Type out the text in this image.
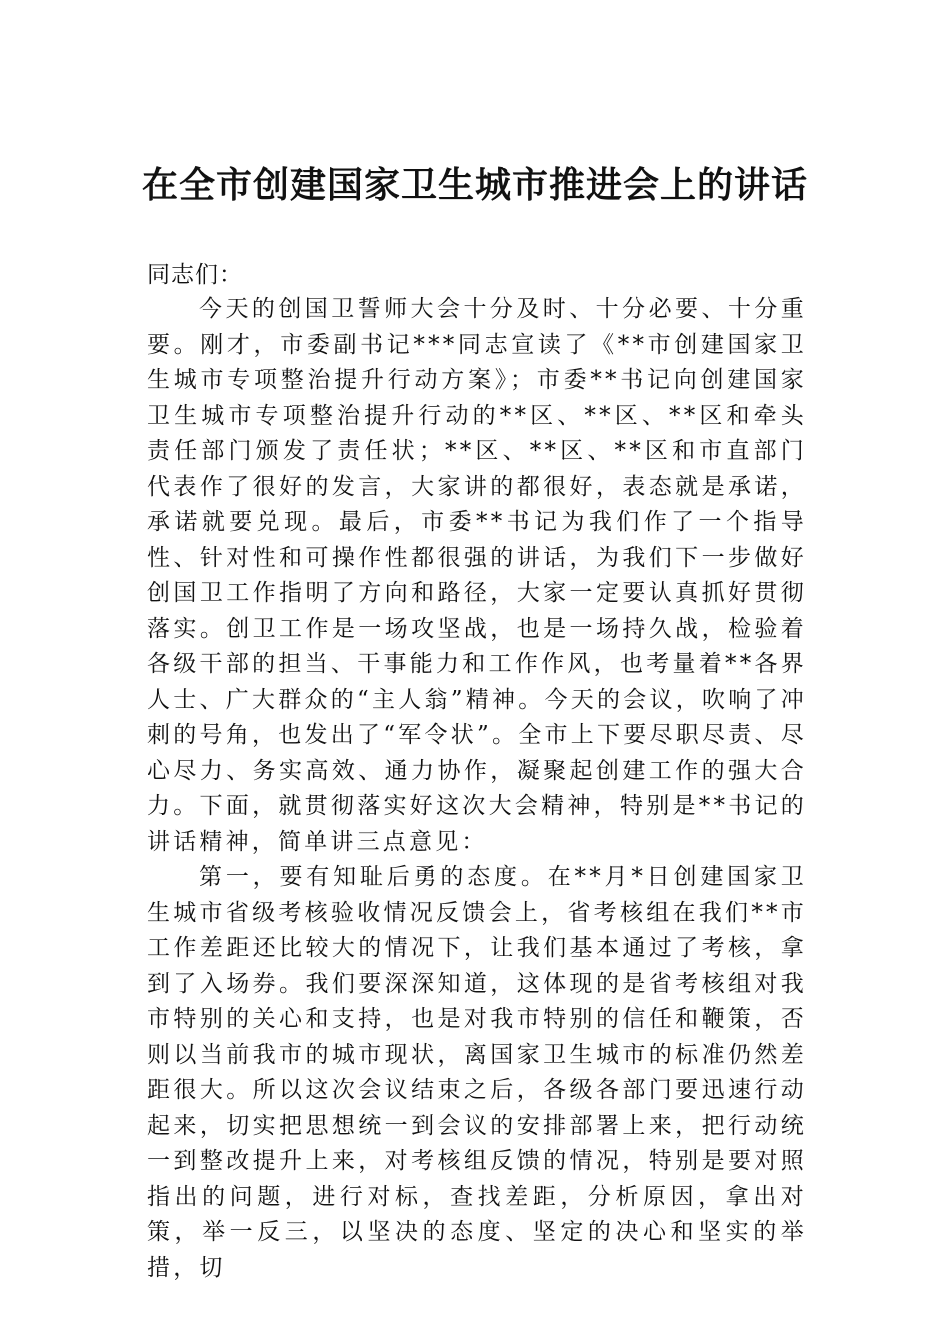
在全市创建国家卫生城市推进会上的讲话

同志们：

今天的创国卫誓师大会十分及时、十分必要、十分重要。刚才，市委副书记***同志宣读了《**市创建国家卫生城市专项整治提升行动方案》；市委**书记向创建国家卫生城市专项整治提升行动的**区、**区、**区和牵头责任部门颁发了责任状；**区、**区、**区和市直部门代表作了很好的发言，大家讲的都很好，表态就是承诺，承诺就要兑现。最后，市委**书记为我们作了一个指导性、针对性和可操作性都很强的讲话，为我们下一步做好创国卫工作指明了方向和路径，大家一定要认真抓好贯彻落实。创卫工作是一场攻坚战，也是一场持久战，检验着各级干部的担当、干事能力和工作作风，也考量着**各界人士、广大群众的“主人翁”精神。今天的会议，吹响了冲刺的号角，也发出了“军令状”。全市上下要尽职尽责、尽心尽力、务实高效、通力协作，凝聚起创建工作的强大合力。下面，就贯彻落实好这次大会精神，特别是**书记的讲话精神，简单讲三点意见：

第一，要有知耻后勇的态度。在**月*日创建国家卫生城市省级考核验收情况反馈会上，省考核组在我们**市工作差距还比较大的情况下，让我们基本通过了考核，拿到了入场券。我们要深深知道，这体现的是省考核组对我市特别的关心和支持，也是对我市特别的信任和鞭策，否则以当前我市的城市现状，离国家卫生城市的标准仍然差距很大。所以这次会议结束之后，各级各部门要迅速行动起来，切实把思想统一到会议的安排部署上来，把行动统一到整改提升上来，对考核组反馈的情况，特别是要对照指出的问题，进行对标，查找差距，分析原因，拿出对策，举一反三，以坚决的态度、坚定的决心和坚实的举措，切
